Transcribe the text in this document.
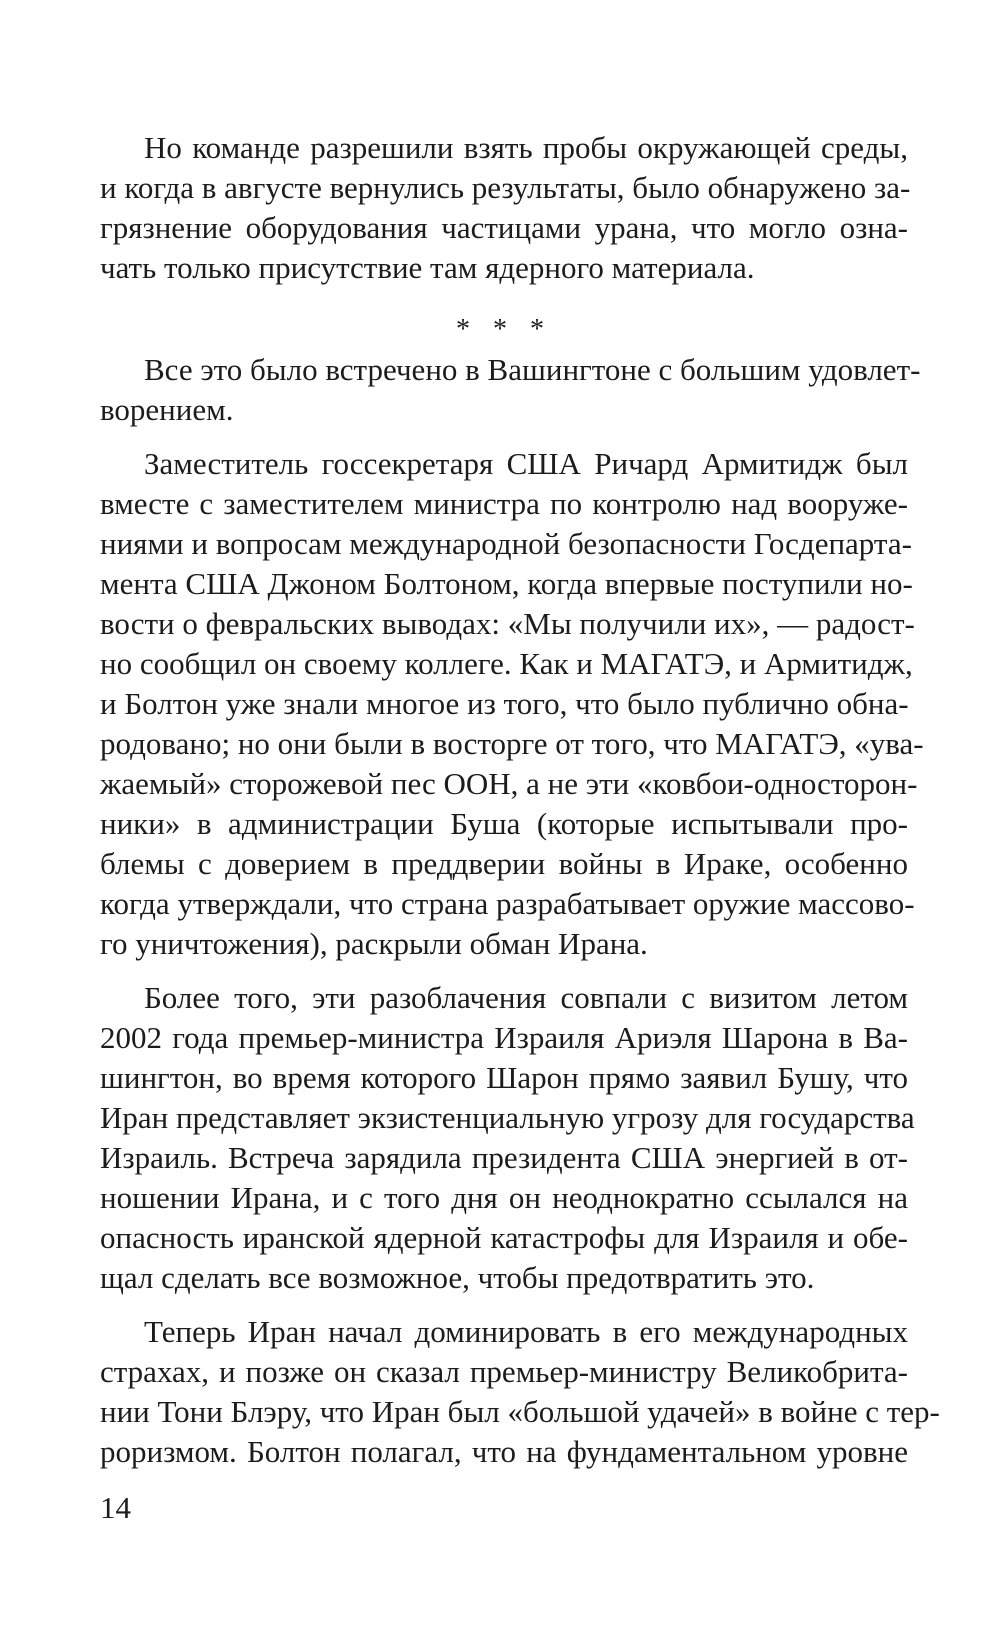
Но команде разрешили взять пробы окружающей среды,
и когда в августе вернулись результаты, было обнаружено за-
грязнение оборудования частицами урана, что могло озна-
чать только присутствие там ядерного материала.
* * *
Все это было встречено в Вашингтоне с большим удовлет-
ворением.
Заместитель госсекретаря США Ричард Армитидж был
вместе с заместителем министра по контролю над вооруже-
ниями и вопросам международной безопасности Госдепарта-
мента США Джоном Болтоном, когда впервые поступили но-
вости о февральских выводах: «Мы получили их», — радост-
но сообщил он своему коллеге. Как и МАГАТЭ, и Армитидж,
и Болтон уже знали многое из того, что было публично обна-
родовано; но они были в восторге от того, что МАГАТЭ, «ува-
жаемый» сторожевой пес ООН, а не эти «ковбои-односторон-
ники» в администрации Буша (которые испытывали про-
блемы с доверием в преддверии войны в Ираке, особенно
когда утверждали, что страна разрабатывает оружие массово-
го уничтожения), раскрыли обман Ирана.
Более того, эти разоблачения совпали с визитом летом
2002 года премьер-министра Израиля Ариэля Шарона в Ва-
шингтон, во время которого Шарон прямо заявил Бушу, что
Иран представляет экзистенциальную угрозу для государства
Израиль. Встреча зарядила президента США энергией в от-
ношении Ирана, и с того дня он неоднократно ссылался на
опасность иранской ядерной катастрофы для Израиля и обе-
щал сделать все возможное, чтобы предотвратить это.
Теперь Иран начал доминировать в его международных
страхах, и позже он сказал премьер-министру Великобрита-
нии Тони Блэру, что Иран был «большой удачей» в войне с тер-
роризмом. Болтон полагал, что на фундаментальном уровне
14
